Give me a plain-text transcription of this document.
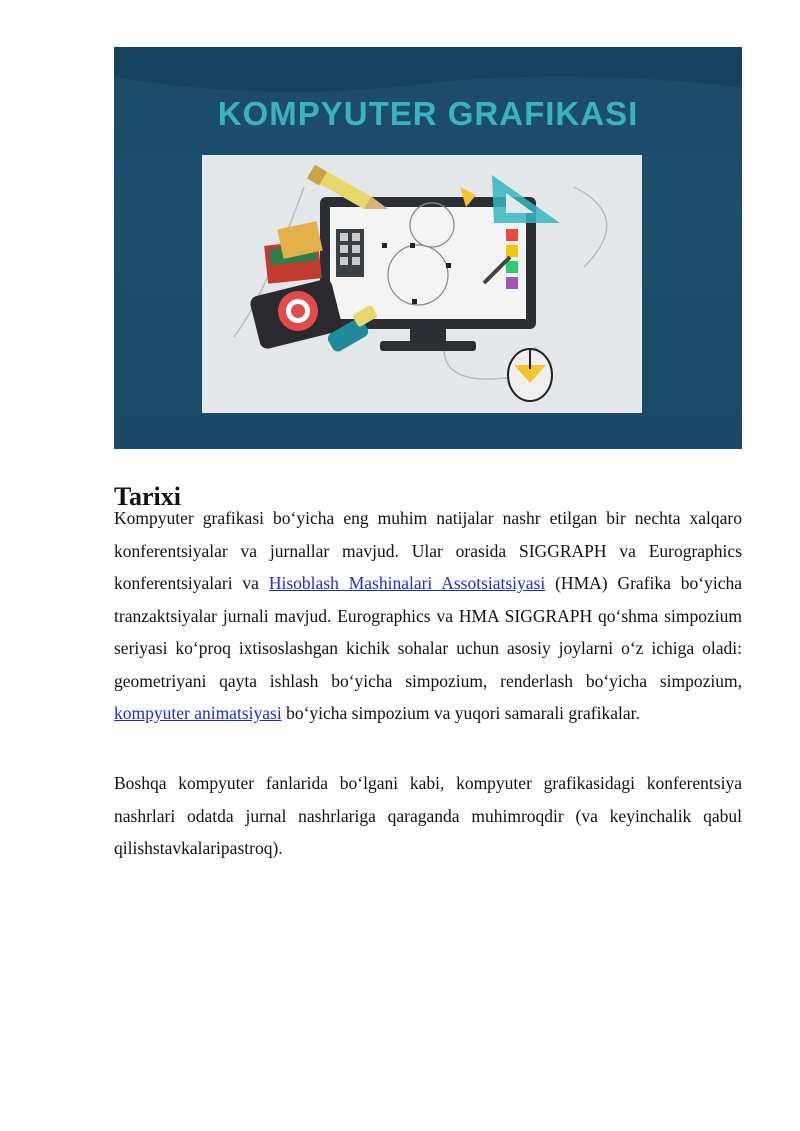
KOMPYUTER GRAFIKASI
Tarixi

Kompyuter grafikasi bo‘yicha eng muhim natijalar nashr etilgan bir nechta xalqaro konferentsiyalar va jurnallar mavjud. Ular orasida SIGGRAPH va Eurographics konferentsiyalari va Hisoblash Mashinalari Assotsiatsiyasi (HMA) Grafika bo‘yicha tranzaktsiyalar jurnali mavjud. Eurographics va HMA SIGGRAPH qo‘shma simpozium seriyasi ko‘proq ixtisoslashgan kichik sohalar uchun asosiy joylarni o‘z ichiga oladi: geometriyani qayta ishlash bo‘yicha simpozium, renderlash bo‘yicha simpozium, kompyuter animatsiyasi bo‘yicha simpozium va yuqori samarali grafikalar.

Boshqa kompyuter fanlarida bo‘lgani kabi, kompyuter grafikasidagi konferentsiya nashrlari odatda jurnal nashrlariga qaraganda muhimroqdir (va keyinchalik qabul qilishstavkalaripastroq).
